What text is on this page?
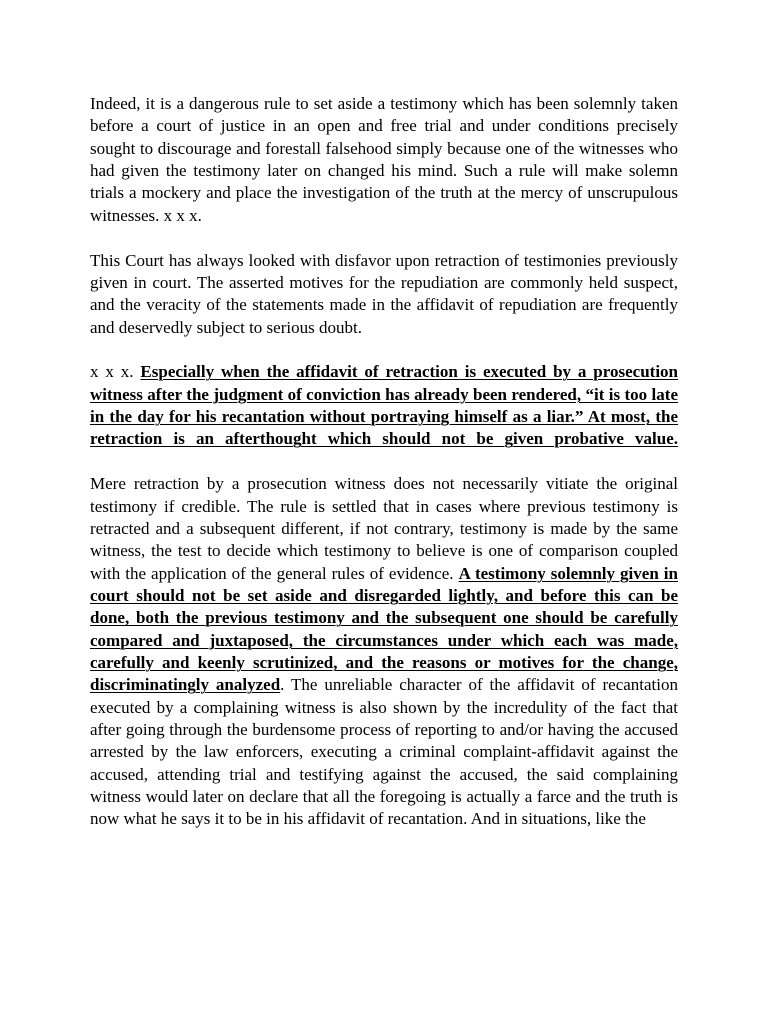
Indeed, it is a dangerous rule to set aside a testimony which has been solemnly taken before a court of justice in an open and free trial and under conditions precisely sought to discourage and forestall falsehood simply because one of the witnesses who had given the testimony later on changed his mind. Such a rule will make solemn trials a mockery and place the investigation of the truth at the mercy of unscrupulous witnesses. x x x.

This Court has always looked with disfavor upon retraction of testimonies previously given in court. The asserted motives for the repudiation are commonly held suspect, and the veracity of the statements made in the affidavit of repudiation are frequently and deservedly subject to serious doubt.

x x x. Especially when the affidavit of retraction is executed by a prosecution witness after the judgment of conviction has already been rendered, “it is too late in the day for his recantation without portraying himself as a liar.” At most, the retraction is an afterthought which should not be given probative value.

Mere retraction by a prosecution witness does not necessarily vitiate the original testimony if credible. The rule is settled that in cases where previous testimony is retracted and a subsequent different, if not contrary, testimony is made by the same witness, the test to decide which testimony to believe is one of comparison coupled with the application of the general rules of evidence. A testimony solemnly given in court should not be set aside and disregarded lightly, and before this can be done, both the previous testimony and the subsequent one should be carefully compared and juxtaposed, the circumstances under which each was made, carefully and keenly scrutinized, and the reasons or motives for the change, discriminatingly analyzed. The unreliable character of the affidavit of recantation executed by a complaining witness is also shown by the incredulity of the fact that after going through the burdensome process of reporting to and/or having the accused arrested by the law enforcers, executing a criminal complaint-affidavit against the accused, attending trial and testifying against the accused, the said complaining witness would later on declare that all the foregoing is actually a farce and the truth is now what he says it to be in his affidavit of recantation. And in situations, like the
